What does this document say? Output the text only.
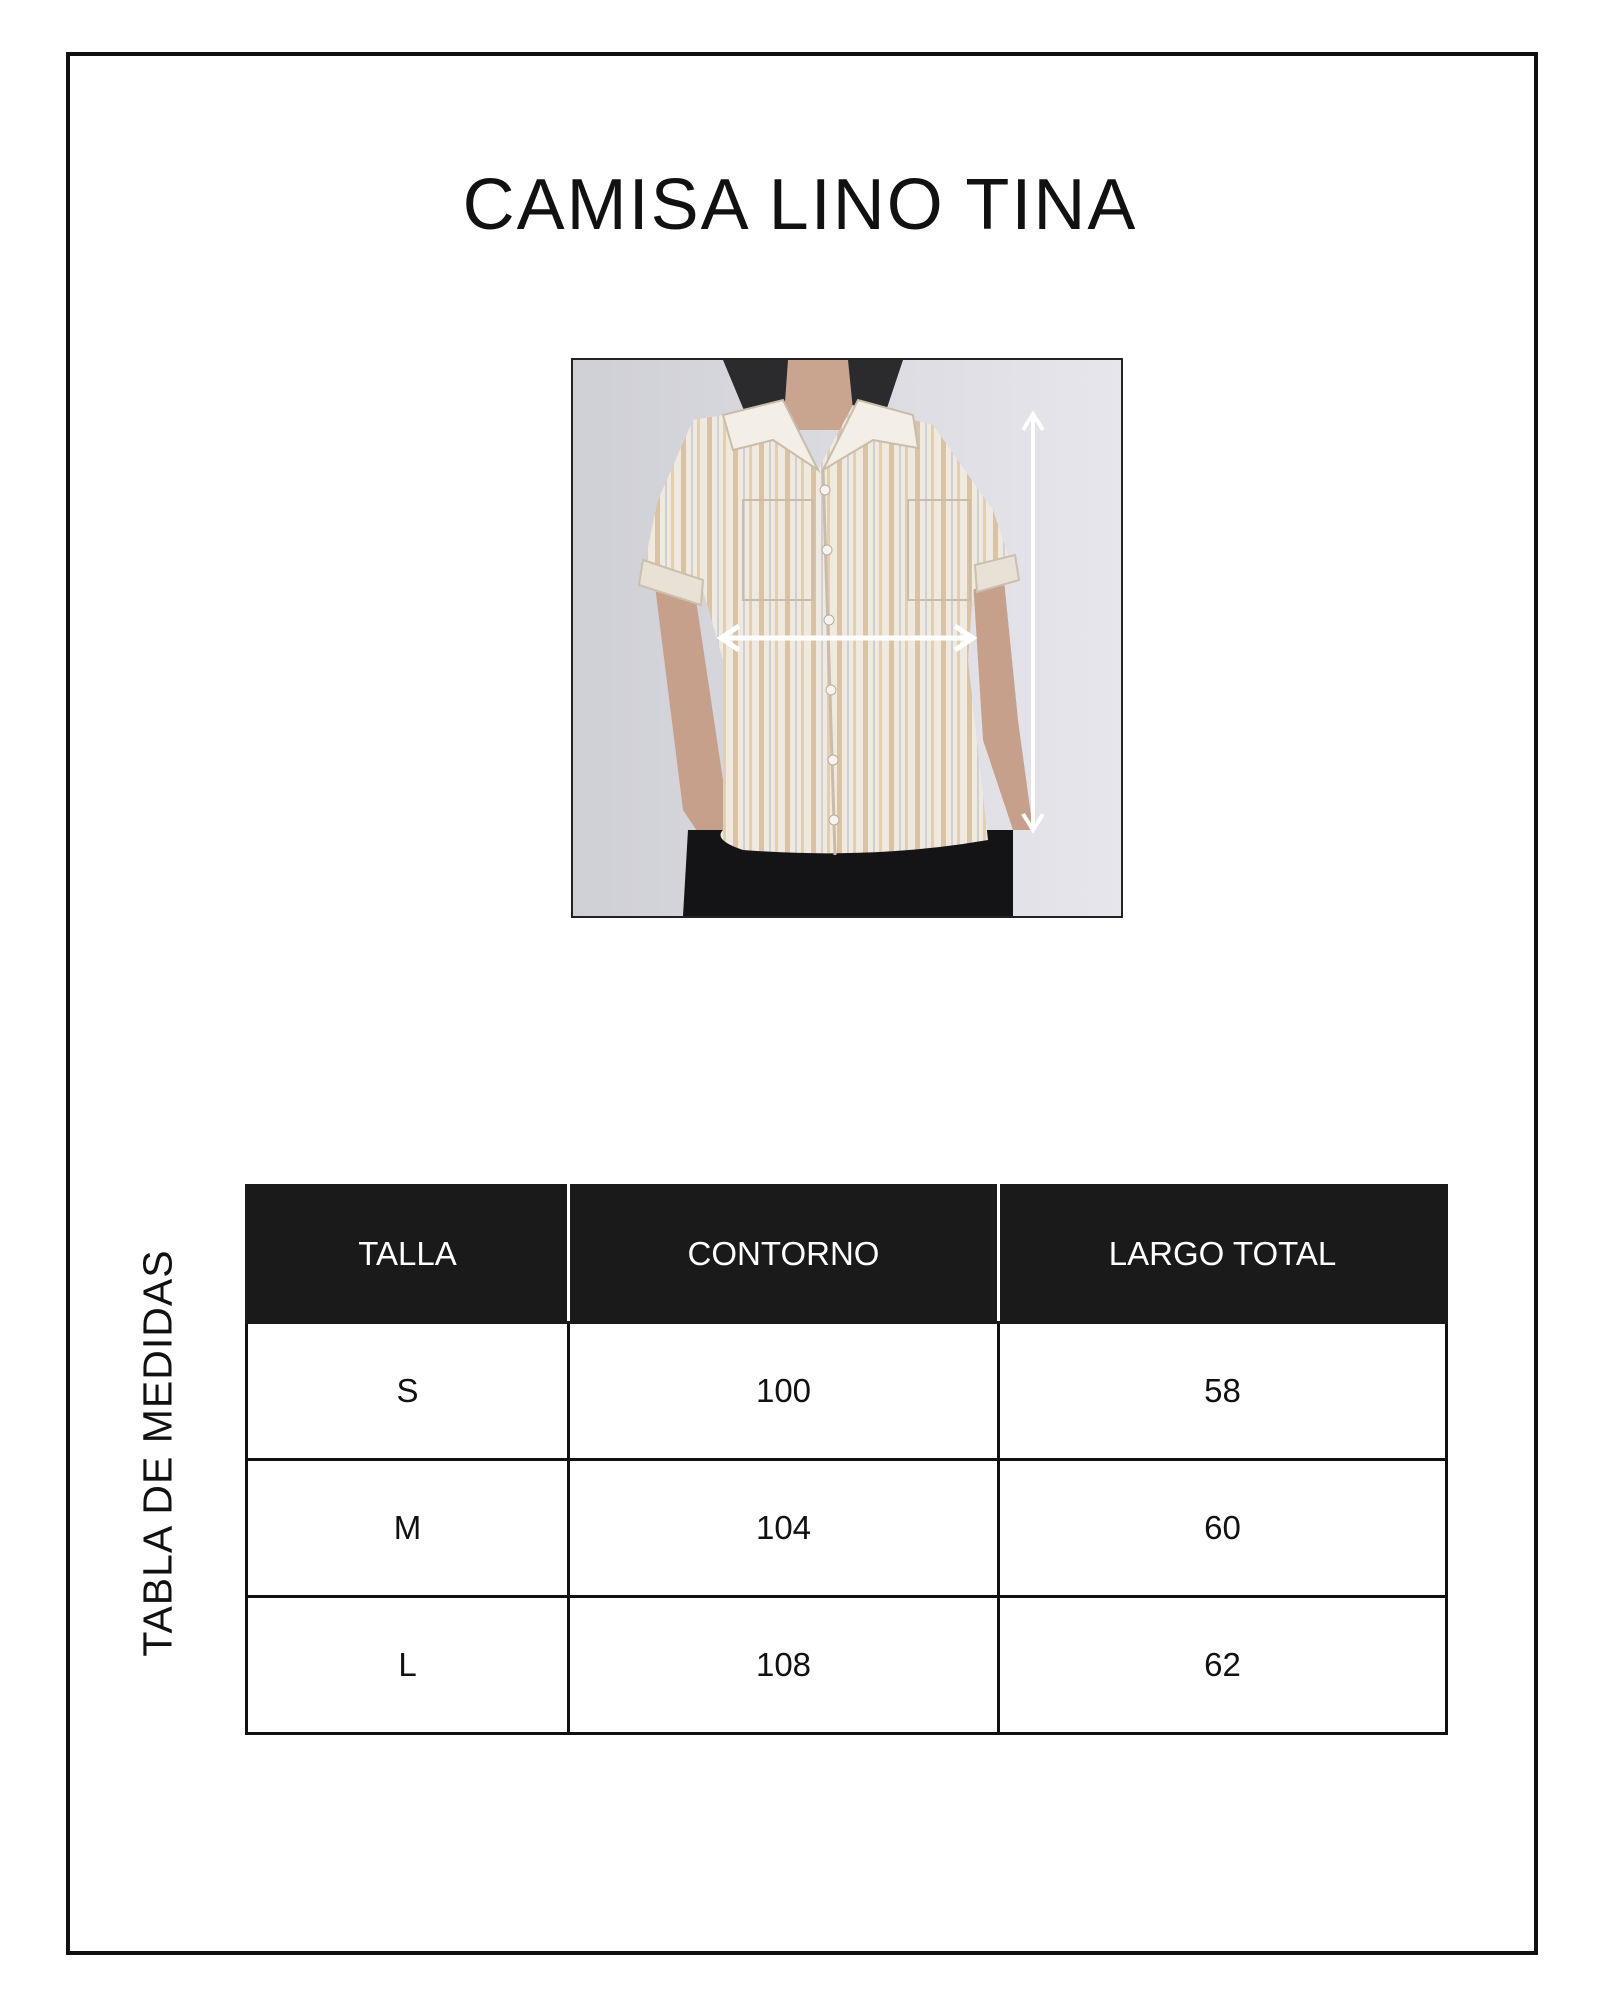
CAMISA LINO TINA
TABLA DE MEDIDAS	TALLA	CONTORNO	LARGO TOTAL
S	100	58
M	104	60
L	108	62
